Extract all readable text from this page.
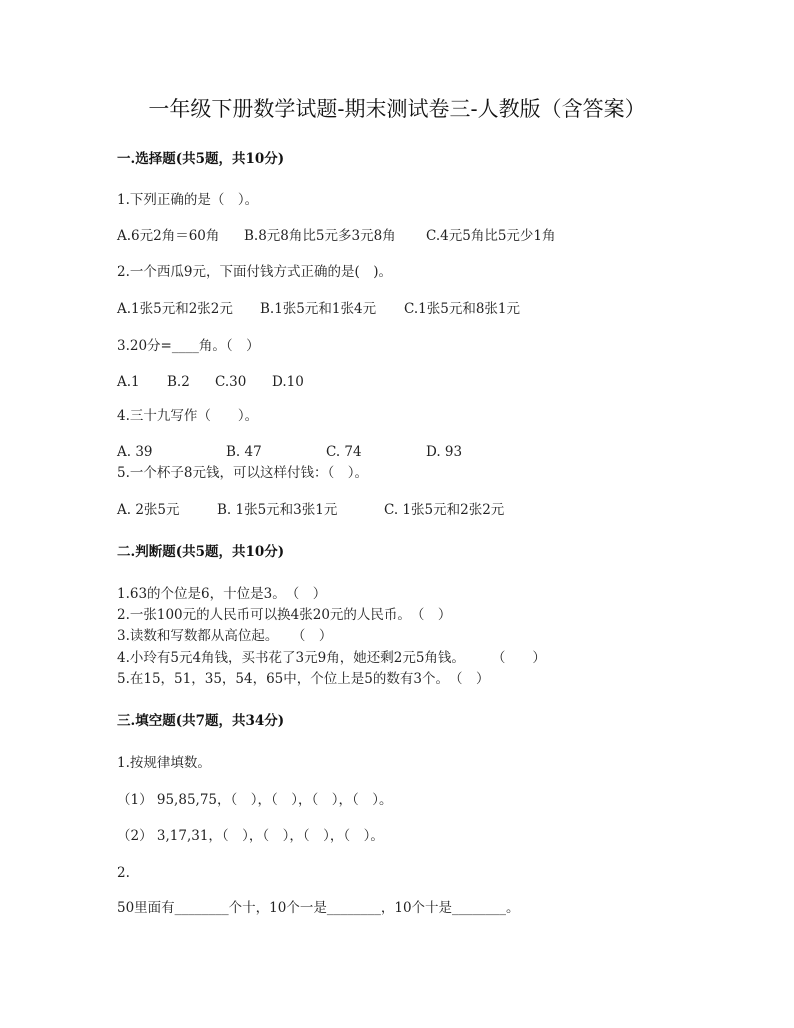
一年级下册数学试题-期末测试卷三-人教版（含答案）
一.选择题(共5题，共10分)
1.下列正确的是（　）。
A.6元2角＝60角 B.8元8角比5元多3元8角 C.4元5角比5元少1角
2.一个西瓜9元，下面付钱方式正确的是(　)。
A.1张5元和2张2元 B.1张5元和1张4元 C.1张5元和8张1元
3.20分=____角。（　）
A.1 B.2 C.30 D.10
4.三十九写作（　　）。
A. 39	B. 47	C. 74	D. 93
5.一个杯子8元钱，可以这样付钱：（　）。
A. 2张5元	B. 1张5元和3张1元	C. 1张5元和2张2元
二.判断题(共5题，共10分)
1.63的个位是6，十位是3。　（　）
2.一张100元的人民币可以换4张20元的人民币。　（　）
3.读数和写数都从高位起。　　（　）
4.小玲有5元4角钱，买书花了3元9角，她还剩2元5角钱。　　　（　　）
5.在15，51，35，54，65中，个位上是5的数有3个。　（　）
三.填空题(共7题，共34分)
1.按规律填数。
（1） 95,85,75，（　），（　），（　），（　）。
（2） 3,17,31，（　），（　），（　），（　）。
2.
50里面有________个十，10个一是________，10个十是________。
